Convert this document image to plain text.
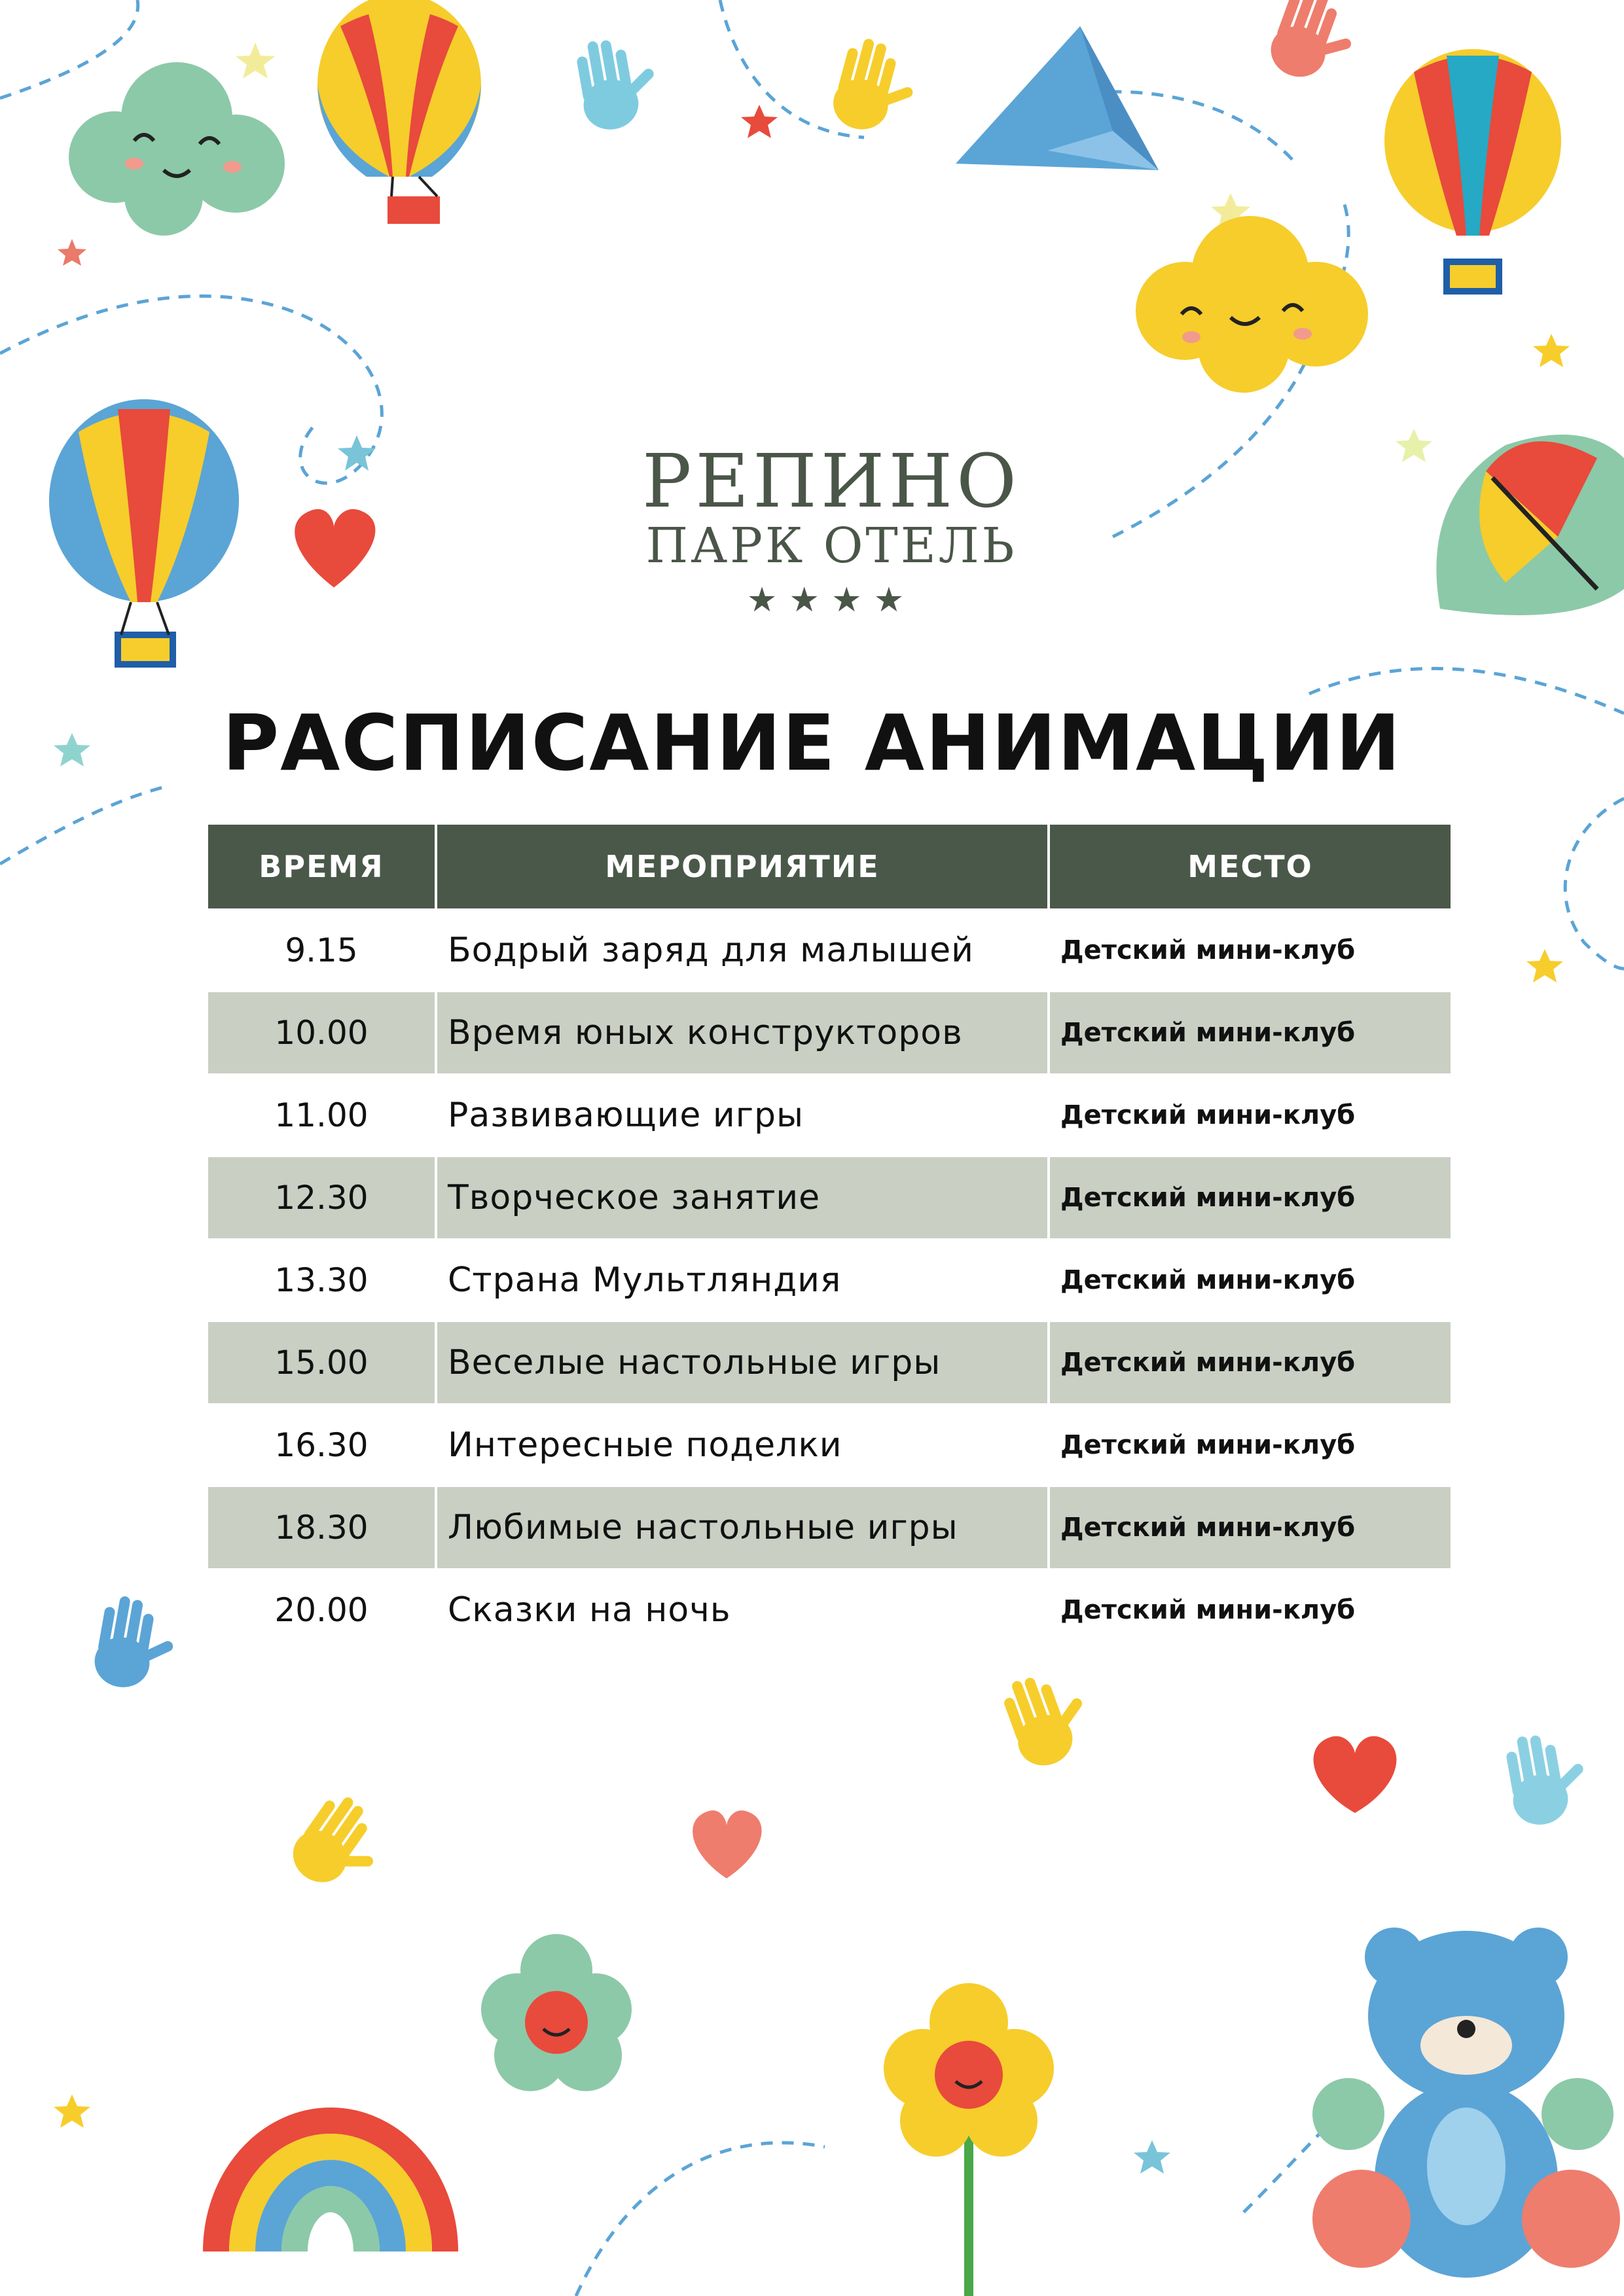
РЕПИНО
ПАРК ОТЕЛЬ
★★★★
РАСПИСАНИЕ АНИМАЦИИ
ВРЕМЯ	МЕРОПРИЯТИЕ	МЕСТО
9.15	Бодрый заряд для малышей	Детский мини-клуб
10.00	Время юных конструкторов	Детский мини-клуб
11.00	Развивающие игры	Детский мини-клуб
12.30	Творческое занятие	Детский мини-клуб
13.30	Страна Мультляндия	Детский мини-клуб
15.00	Веселые настольные игры	Детский мини-клуб
16.30	Интересные поделки	Детский мини-клуб
18.30	Любимые настольные игры	Детский мини-клуб
20.00	Сказки на ночь	Детский мини-клуб
